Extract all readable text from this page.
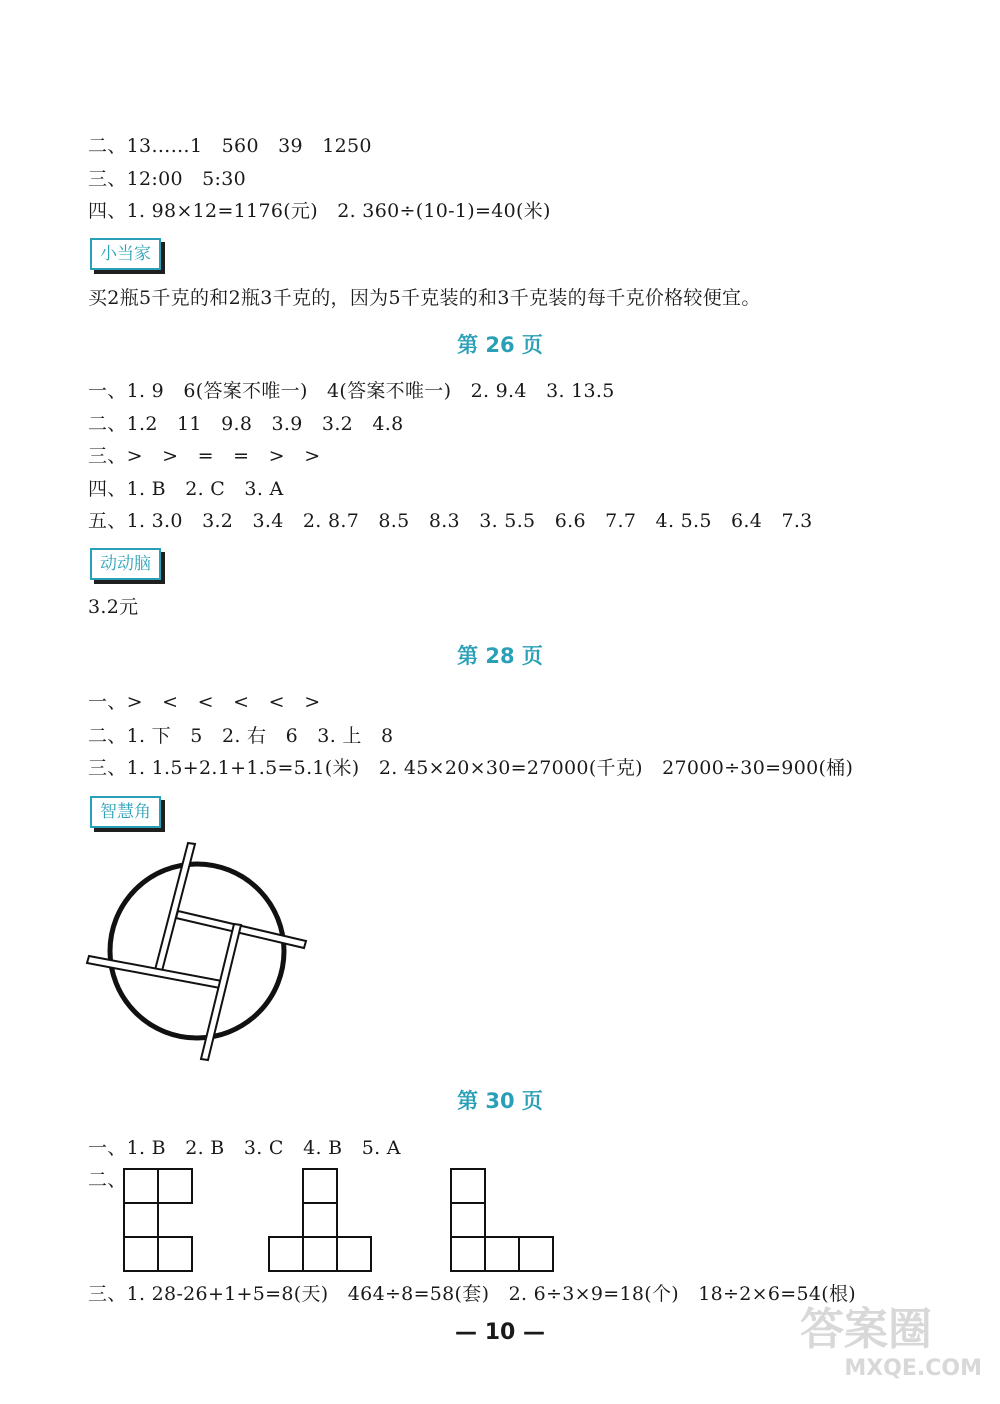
二、13……1　560　39　1250
三、12:00　5:30
四、1. 98×12=1176(元)　2. 360÷(10-1)=40(米)
小当家
买2瓶5千克的和2瓶3千克的，因为5千克装的和3千克装的每千克价格较便宜。
第 26 页
一、1. 9　6(答案不唯一)　4(答案不唯一)　2. 9.4　3. 13.5
二、1.2　11　9.8　3.9　3.2　4.8
三、>　>　=　=　>　>
四、1. B　2. C　3. A
五、1. 3.0　3.2　3.4　2. 8.7　8.5　8.3　3. 5.5　6.6　7.7　4. 5.5　6.4　7.3
动动脑
3.2元
第 28 页
一、>　<　<　<　<　>
二、1. 下　5　2. 右　6　3. 上　8
三、1. 1.5+2.1+1.5=5.1(米)　2. 45×20×30=27000(千克)　27000÷30=900(桶)
智慧角
第 30 页
一、1. B　2. B　3. C　4. B　5. A
二、
三、1. 28-26+1+5=8(天)　464÷8=58(套)　2. 6÷3×9=18(个)　18÷2×6=54(根)
— 10 —	答案圈
MXQE.COM
